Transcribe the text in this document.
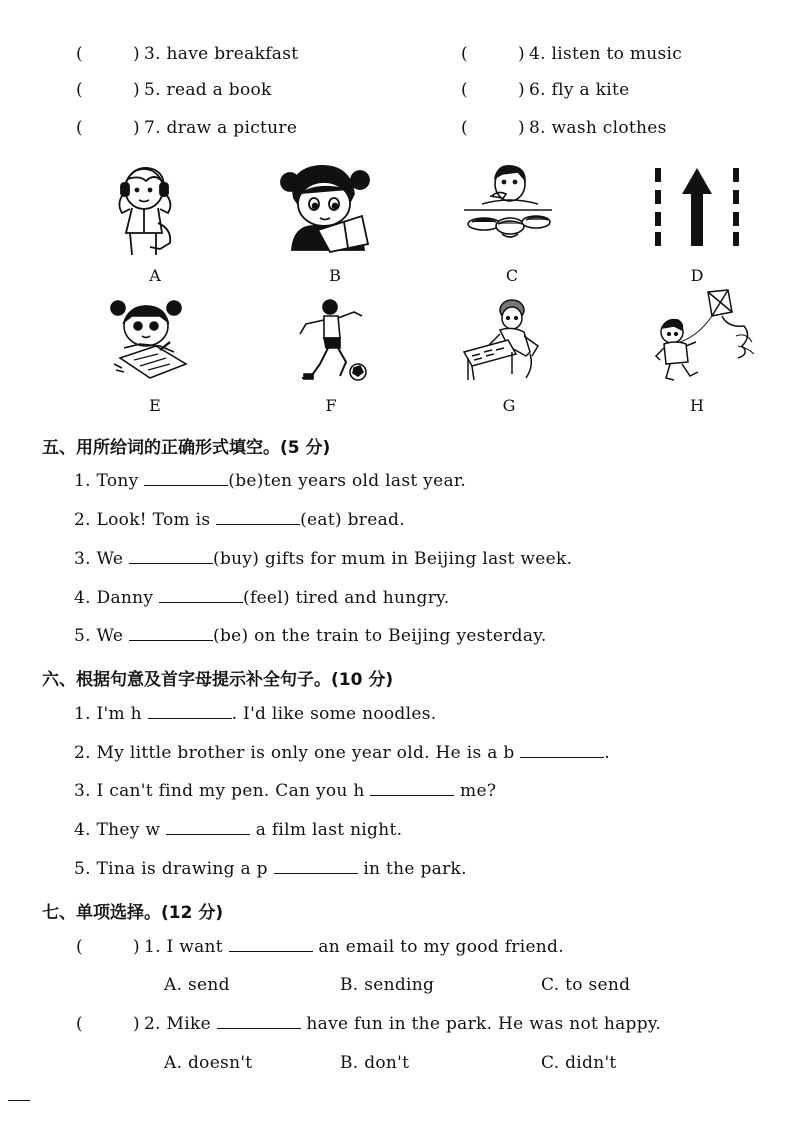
(	) 3. have breakfast	(	) 4. listen to music
(	) 5. read a book	(	) 6. fly a kite
(	) 7. draw a picture	(	) 8. wash clothes
A	B	C	D
E	F	G	H
五、用所给词的正确形式填空。(5 分)
1. Tony	(be)ten years old last year.
2. Look! Tom is	(eat) bread.
3. We	(buy) gifts for mum in Beijing last week.
4. Danny	(feel) tired and hungry.
5. We	(be) on the train to Beijing yesterday.
六、根据句意及首字母提示补全句子。(10 分)
1. I'm h	. I'd like some noodles.
2. My little brother is only one year old. He is a b	.
3. I can't find my pen. Can you h	me?
4. They w	a film last night.
5. Tina is drawing a p	in the park.
七、单项选择。(12 分)
(	) 1. I want	an email to my good friend.
A. send	B. sending	C. to send
(	) 2. Mike	have fun in the park. He was not happy.
A. doesn't	B. don't	C. didn't
